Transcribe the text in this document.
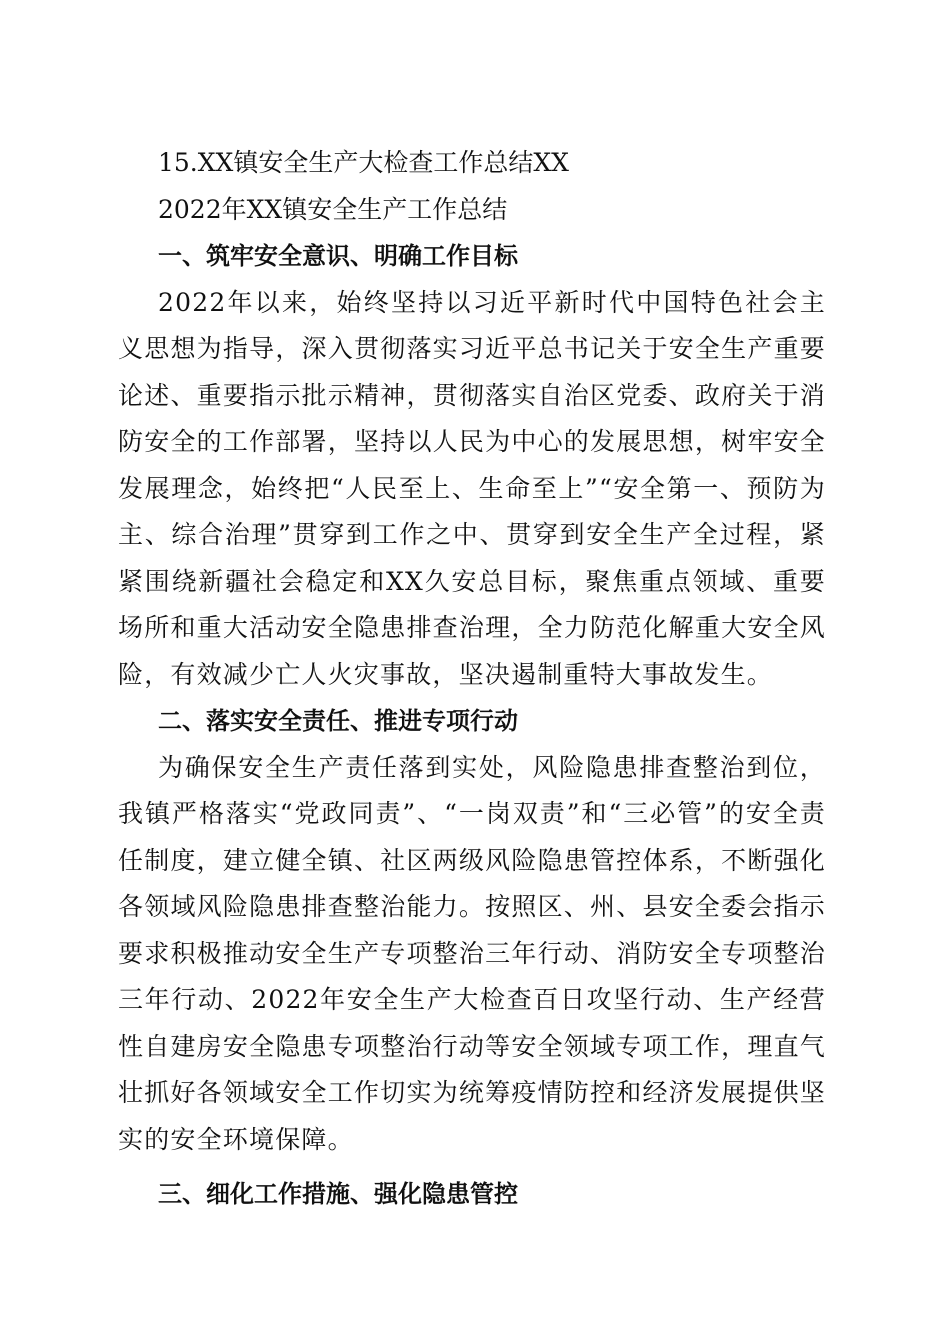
15.XX镇安全生产大检查工作总结XX

2022年XX镇安全生产工作总结

一、筑牢安全意识、明确工作目标

2022年以来，始终坚持以习近平新时代中国特色社会主义思想为指导，深入贯彻落实习近平总书记关于安全生产重要论述、重要指示批示精神，贯彻落实自治区党委、政府关于消防安全的工作部署，坚持以人民为中心的发展思想，树牢安全发展理念，始终把“人民至上、生命至上”“安全第一、预防为主、综合治理”贯穿到工作之中、贯穿到安全生产全过程，紧紧围绕新疆社会稳定和XX久安总目标，聚焦重点领域、重要场所和重大活动安全隐患排查治理，全力防范化解重大安全风险，有效减少亡人火灾事故，坚决遏制重特大事故发生。

二、落实安全责任、推进专项行动

为确保安全生产责任落到实处，风险隐患排查整治到位，我镇严格落实“党政同责”、“一岗双责”和“三必管”的安全责任制度，建立健全镇、社区两级风险隐患管控体系，不断强化各领域风险隐患排查整治能力。按照区、州、县安全委会指示要求积极推动安全生产专项整治三年行动、消防安全专项整治三年行动、2022年安全生产大检查百日攻坚行动、生产经营性自建房安全隐患专项整治行动等安全领域专项工作，理直气壮抓好各领域安全工作切实为统筹疫情防控和经济发展提供坚实的安全环境保障。

三、细化工作措施、强化隐患管控
